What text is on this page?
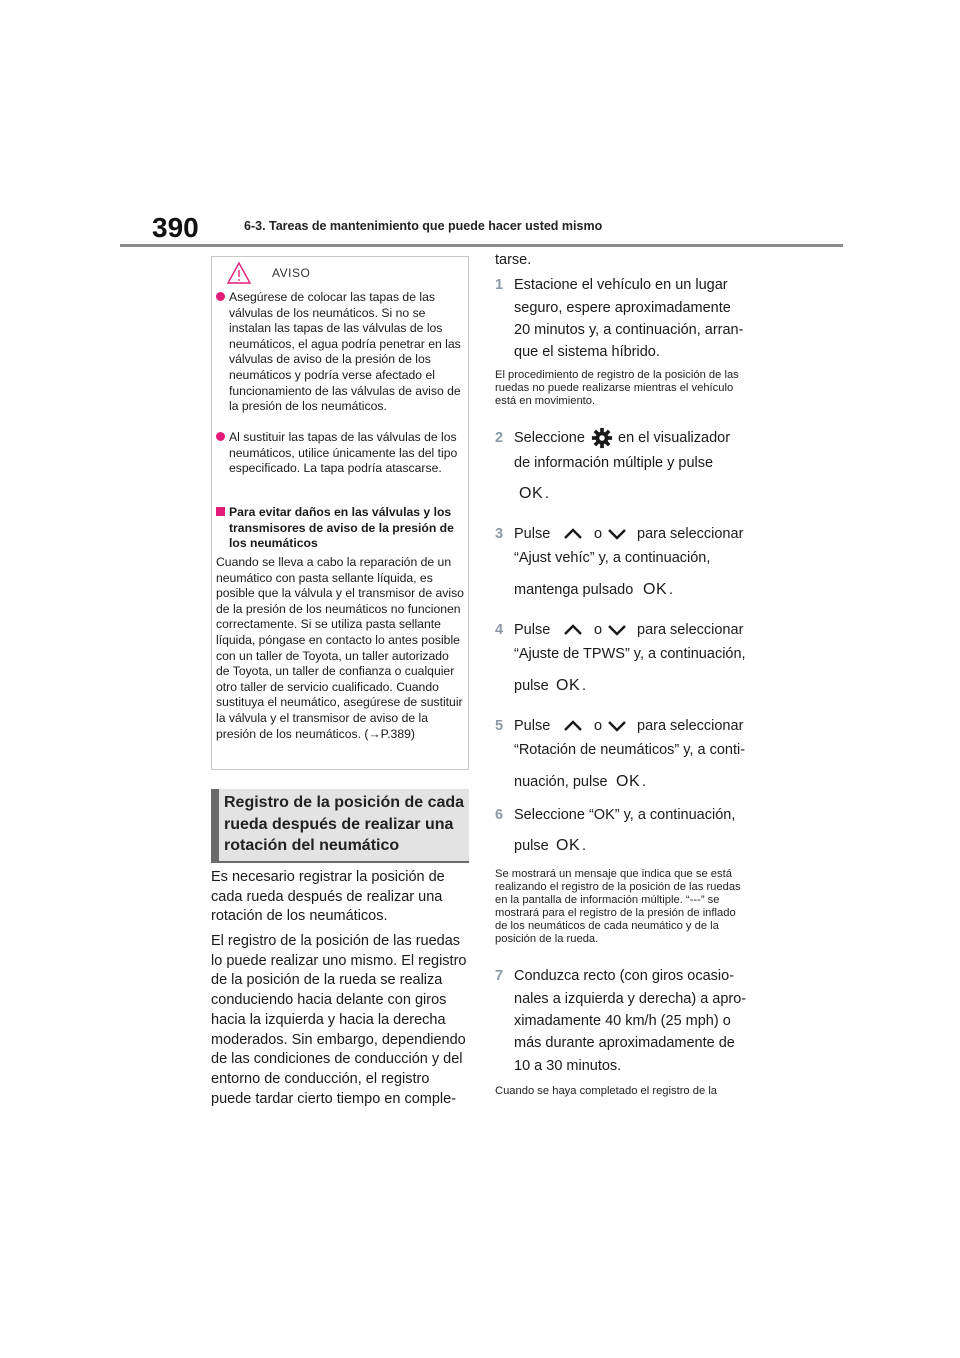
390	6-3. Tareas de mantenimiento que puede hacer usted mismo
AVISO
Asegúrese de colocar las tapas de las válvulas de los neumáticos. Si no se instalan las tapas de las válvulas de los neumáticos, el agua podría penetrar en las válvulas de aviso de la presión de los neumáticos y podría verse afectado el funcionamiento de las válvulas de aviso de la presión de los neumáticos.
Al sustituir las tapas de las válvulas de los neumáticos, utilice únicamente las del tipo especificado. La tapa podría atascarse.
Para evitar daños en las válvulas y los transmisores de aviso de la presión de los neumáticos
Cuando se lleva a cabo la reparación de un neumático con pasta sellante líquida, es posible que la válvula y el transmisor de aviso de la presión de los neumáticos no funcionen correctamente. Si se utiliza pasta sellante líquida, póngase en contacto lo antes posible con un taller de Toyota, un taller autorizado de Toyota, un taller de confianza o cualquier otro taller de servicio cualificado. Cuando sustituya el neumático, asegúrese de sustituir la válvula y el transmisor de aviso de la presión de los neumáticos. (→P.389)
Registro de la posición de cada rueda después de realizar una rotación del neumático
Es necesario registrar la posición de cada rueda después de realizar una rotación de los neumáticos.
El registro de la posición de las ruedas lo puede realizar uno mismo. El registro de la posición de la rueda se realiza conduciendo hacia delante con giros hacia la izquierda y hacia la derecha moderados. Sin embargo, dependiendo de las condiciones de conducción y del entorno de conducción, el registro puede tardar cierto tiempo en comple-
tarse.
1 Estacione el vehículo en un lugar
seguro, espere aproximadamente
20 minutos y, a continuación, arran-
que el sistema híbrido.
El procedimiento de registro de la posición de las ruedas no puede realizarse mientras el vehículo está en movimiento.
2 Seleccione en el visualizador
de información múltiple y pulse
OK .
3 Pulse	o para seleccionar
“Ajust vehíc” y, a continuación,
mantenga pulsado OK .
4 Pulse	o para seleccionar
“Ajuste de TPWS” y, a continuación,
pulse OK .
5 Pulse	o para seleccionar
“Rotación de neumáticos” y, a conti-
nuación, pulse OK .
6 Seleccione “OK” y, a continuación,
pulse OK .
Se mostrará un mensaje que indica que se está realizando el registro de la posición de las ruedas en la pantalla de información múltiple. “---” se mostrará para el registro de la presión de inflado de los neumáticos de cada neumático y de la posición de la rueda.
7 Conduzca recto (con giros ocasio-
nales a izquierda y derecha) a apro-
ximadamente 40 km/h (25 mph) o
más durante aproximadamente de
10 a 30 minutos.
Cuando se haya completado el registro de la
